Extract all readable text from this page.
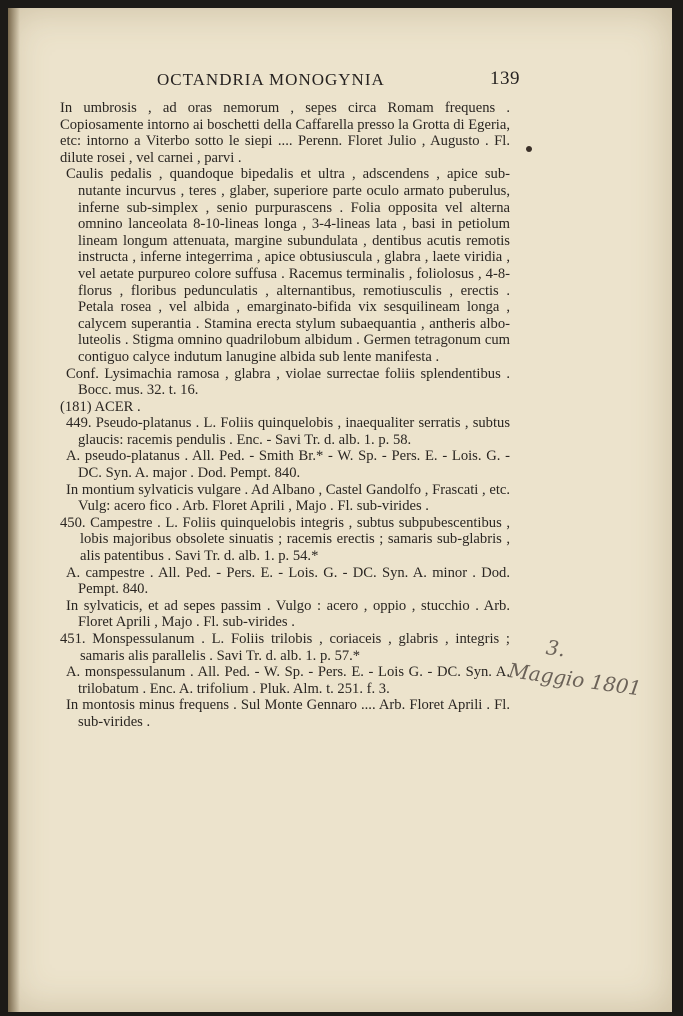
OCTANDRIA MONOGYNIA	139

In umbrosis , ad oras nemorum , sepes circa Romam frequens . Copiosamente intorno ai boschetti della Caffarella presso la Grotta di Egeria, etc: intorno a Viterbo sotto le siepi .... Perenn. Floret Julio , Augusto . Fl. dilute rosei , vel carnei , parvi .

Caulis pedalis , quandoque bipedalis et ultra , adscendens , apice sub-nutante incurvus , teres , glaber, superiore parte oculo armato puberulus, inferne sub-simplex , senio purpurascens . Folia opposita vel alterna omnino lanceolata 8-10-lineas longa , 3-4-lineas lata , basi in petiolum lineam longum attenuata, margine subundulata , dentibus acutis remotis instructa , inferne integerrima , apice obtusiuscula , glabra , laete viridia , vel aetate purpureo colore suffusa . Racemus terminalis , foliolosus , 4-8-florus , floribus pedunculatis , alternantibus, remotiusculis , erectis . Petala rosea , vel albida , emarginato-bifida vix sesquilineam longa , calycem superantia . Stamina erecta stylum subaequantia , antheris albo-luteolis . Stigma omnino quadrilobum albidum . Germen tetragonum cum contiguo calyce indutum lanugine albida sub lente manifesta .

Conf. Lysimachia ramosa , glabra , violae surrectae foliis splendentibus . Bocc. mus. 32. t. 16.

(181) ACER .

449. Pseudo-platanus . L. Foliis quinquelobis , inaequaliter serratis , subtus glaucis: racemis pendulis . Enc. - Savi Tr. d. alb. 1. p. 58.

A. pseudo-platanus . All. Ped. - Smith Br.* - W. Sp. - Pers. E. - Lois. G. - DC. Syn. A. major . Dod. Pempt. 840.

In montium sylvaticis vulgare . Ad Albano , Castel Gandolfo , Frascati , etc. Vulg: acero fico . Arb. Floret Aprili , Majo . Fl. sub-virides .

450. Campestre . L. Foliis quinquelobis integris , subtus subpubescentibus , lobis majoribus obsolete sinuatis ; racemis erectis ; samaris sub-glabris , alis patentibus . Savi Tr. d. alb. 1. p. 54.*

A. campestre . All. Ped. - Pers. E. - Lois. G. - DC. Syn. A. minor . Dod. Pempt. 840.

In sylvaticis, et ad sepes passim . Vulgo : acero , oppio , stucchio . Arb. Floret Aprili , Majo . Fl. sub-virides .

451. Monspessulanum . L. Foliis trilobis , coriaceis , glabris , integris ; samaris alis parallelis . Savi Tr. d. alb. 1. p. 57.*

A. monspessulanum . All. Ped. - W. Sp. - Pers. E. - Lois G. - DC. Syn. A. trilobatum . Enc. A. trifolium . Pluk. Alm. t. 251. f. 3.

In montosis minus frequens . Sul Monte Gennaro .... Arb. Floret Aprili . Fl. sub-virides .

3.
Maggio 1801
